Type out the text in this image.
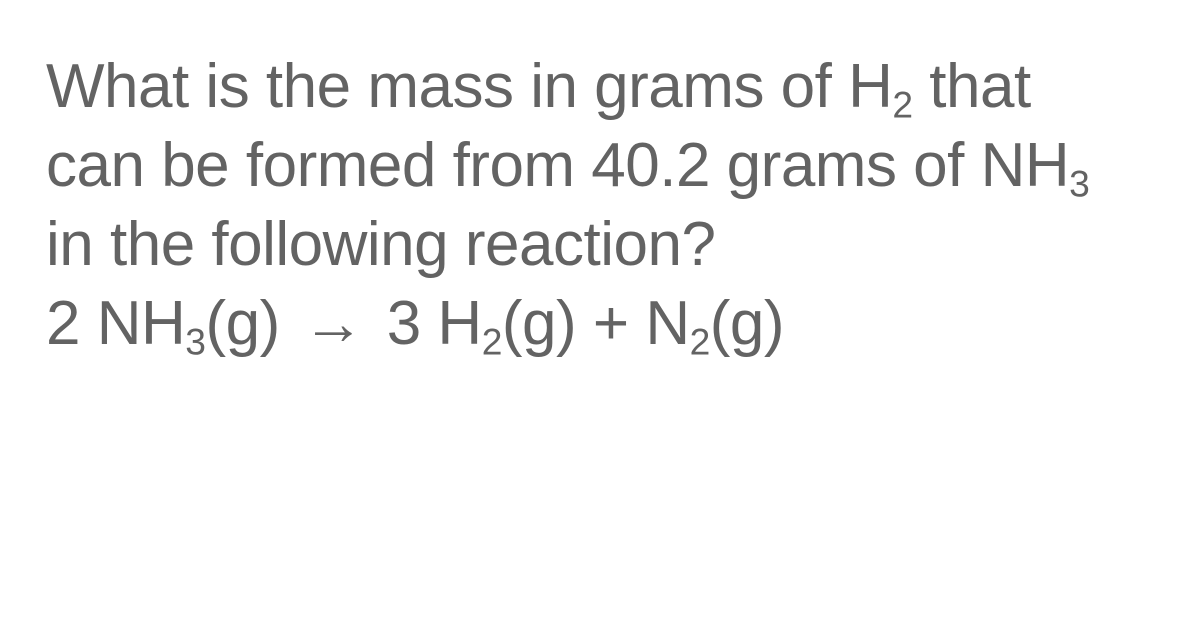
What is the mass in grams of $H_2$ that
can be formed from 40.2 grams of $NH_3$
in the following reaction?
2 $NH_3(g) \to 3$ $H_2(g) + N_2(g)$
